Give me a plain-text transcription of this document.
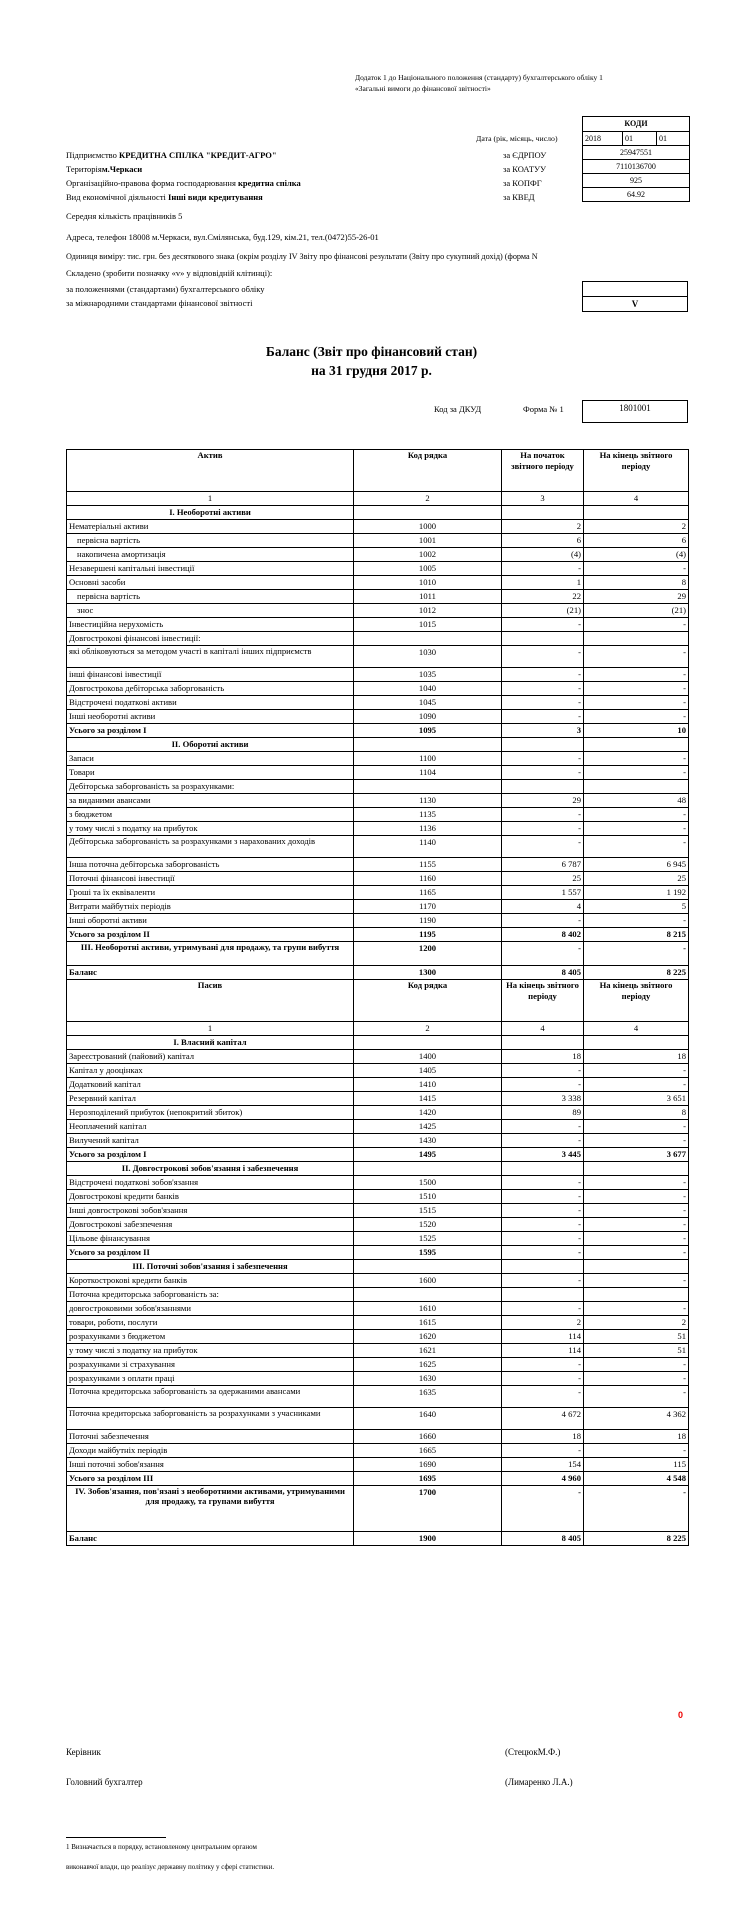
Додаток 1 до Національного положення (стандарту) бухгалтерського обліку 1
«Загальні вимоги до фінансової звітності»
КОДИ
2018	01	01
25947551
7110136700
925
64.92
Дата (рік, місяць, число)
за ЄДРПОУ
за КОАТУУ
за КОПФГ
за КВЕД
Підприємство КРЕДИТНА СПІЛКА "КРЕДИТ-АГРО"
Територіям.Черкаси
Організаційно-правова форма господарювання кредитна спілка
Вид економічної діяльності Інші види кредитування
Середня кількість працівників 5
Адреса, телефон 18008 м.Черкаси, вул.Смілянська, буд.129, кім.21, тел.(0472)55-26-01
Одиниця виміру: тис. грн. без десяткового знака (окрім розділу IV Звіту про фінансові результати (Звіту про сукупний дохід) (форма N
Складено (зробити позначку «v» у відповідній клітинці):
за положеннями (стандартами) бухгалтерського обліку
за міжнародними стандартами фінансової звітності	V
Баланс (Звіт про фінансовий стан)
на 31 грудня 2017 р.
Код за ДКУД	Форма № 1	1801001
Актив	Код рядка	На початок звітного періоду	На кінець звітного періоду
1	2	3	4
I. Необоротні активи			
Нематеріальні активи	1000	2	2
первісна вартість	1001	6	6
накопичена амортизація	1002	(4)	(4)
Незавершені капітальні інвестиції	1005	-	-
Основні засоби	1010	1	8
первісна вартість	1011	22	29
знос	1012	(21)	(21)
Інвестиційна нерухомість	1015	-	-
Довгострокові фінансові інвестиції:			
які обліковуються за методом участі в капіталі інших підприємств	1030	-	-
інші фінансові інвестиції	1035	-	-
Довгострокова дебіторська заборгованість	1040	-	-
Відстрочені податкові активи	1045	-	-
Інші необоротні активи	1090	-	-
Усього за розділом I	1095	3	10
II. Оборотні активи			
Запаси	1100	-	-
Товари	1104	-	-
Дебіторська заборгованість за розрахунками:			
за виданими авансами	1130	29	48
з бюджетом	1135	-	-
у тому числі з податку на прибуток	1136	-	-
Дебіторська заборгованість за розрахунками з нарахованих доходів	1140	-	-
Інша поточна дебіторська заборгованість	1155	6 787	6 945
Поточні фінансові інвестиції	1160	25	25
Гроші та їх еквіваленти	1165	1 557	1 192
Витрати майбутніх періодів	1170	4	5
Інші оборотні активи	1190	-	-
Усього за розділом II	1195	8 402	8 215
III. Необоротні активи, утримувані для продажу, та групи вибуття	1200	-	-
Баланс	1300	8 405	8 225
Пасив	Код рядка	На кінець звітного періоду	На кінець звітного періоду
1	2	4	4
I. Власний капітал			
Зареєстрований (пайовий) капітал	1400	18	18
Капітал у дооцінках	1405	-	-
Додатковий капітал	1410	-	-
Резервний капітал	1415	3 338	3 651
Нерозподілений прибуток (непокритий збиток)	1420	89	8
Неоплачений капітал	1425	-	-
Вилучений капітал	1430	-	-
Усього за розділом I	1495	3 445	3 677
II. Довгострокові зобов'язання і забезпечення			
Відстрочені податкові зобов'язання	1500	-	-
Довгострокові кредити банків	1510	-	-
Інші довгострокові зобов'язання	1515	-	-
Довгострокові забезпечення	1520	-	-
Цільове фінансування	1525	-	-
Усього за розділом II	1595	-	-
III. Поточні зобов'язання і забезпечення			
Короткострокові кредити банків	1600	-	-
Поточна кредиторська заборгованість за:			
довгостроковими зобов'язаннями	1610	-	-
товари, роботи, послуги	1615	2	2
розрахунками з бюджетом	1620	114	51
у тому числі з податку на прибуток	1621	114	51
розрахунками зі страхування	1625	-	-
розрахунками з оплати праці	1630	-	-
Поточна кредиторська заборгованість за одержаними авансами	1635	-	-
Поточна кредиторська заборгованість за розрахунками з учасниками	1640	4 672	4 362
Поточні забезпечення	1660	18	18
Доходи майбутніх періодів	1665	-	-
Інші поточні зобов'язання	1690	154	115
Усього за розділом III	1695	4 960	4 548
IV. Зобов'язання, пов'язані з необоротними активами, утримуваними для продажу, та групами вибуття	1700	-	-
Баланс	1900	8 405	8 225
0
Керівник	(СтецюкМ.Ф.)
Головний бухгалтер	(Лимаренко Л.А.)
1 Визначається в порядку, встановленому центральним органом
виконавчої влади, що реалізує державну політику у сфері статистики.
